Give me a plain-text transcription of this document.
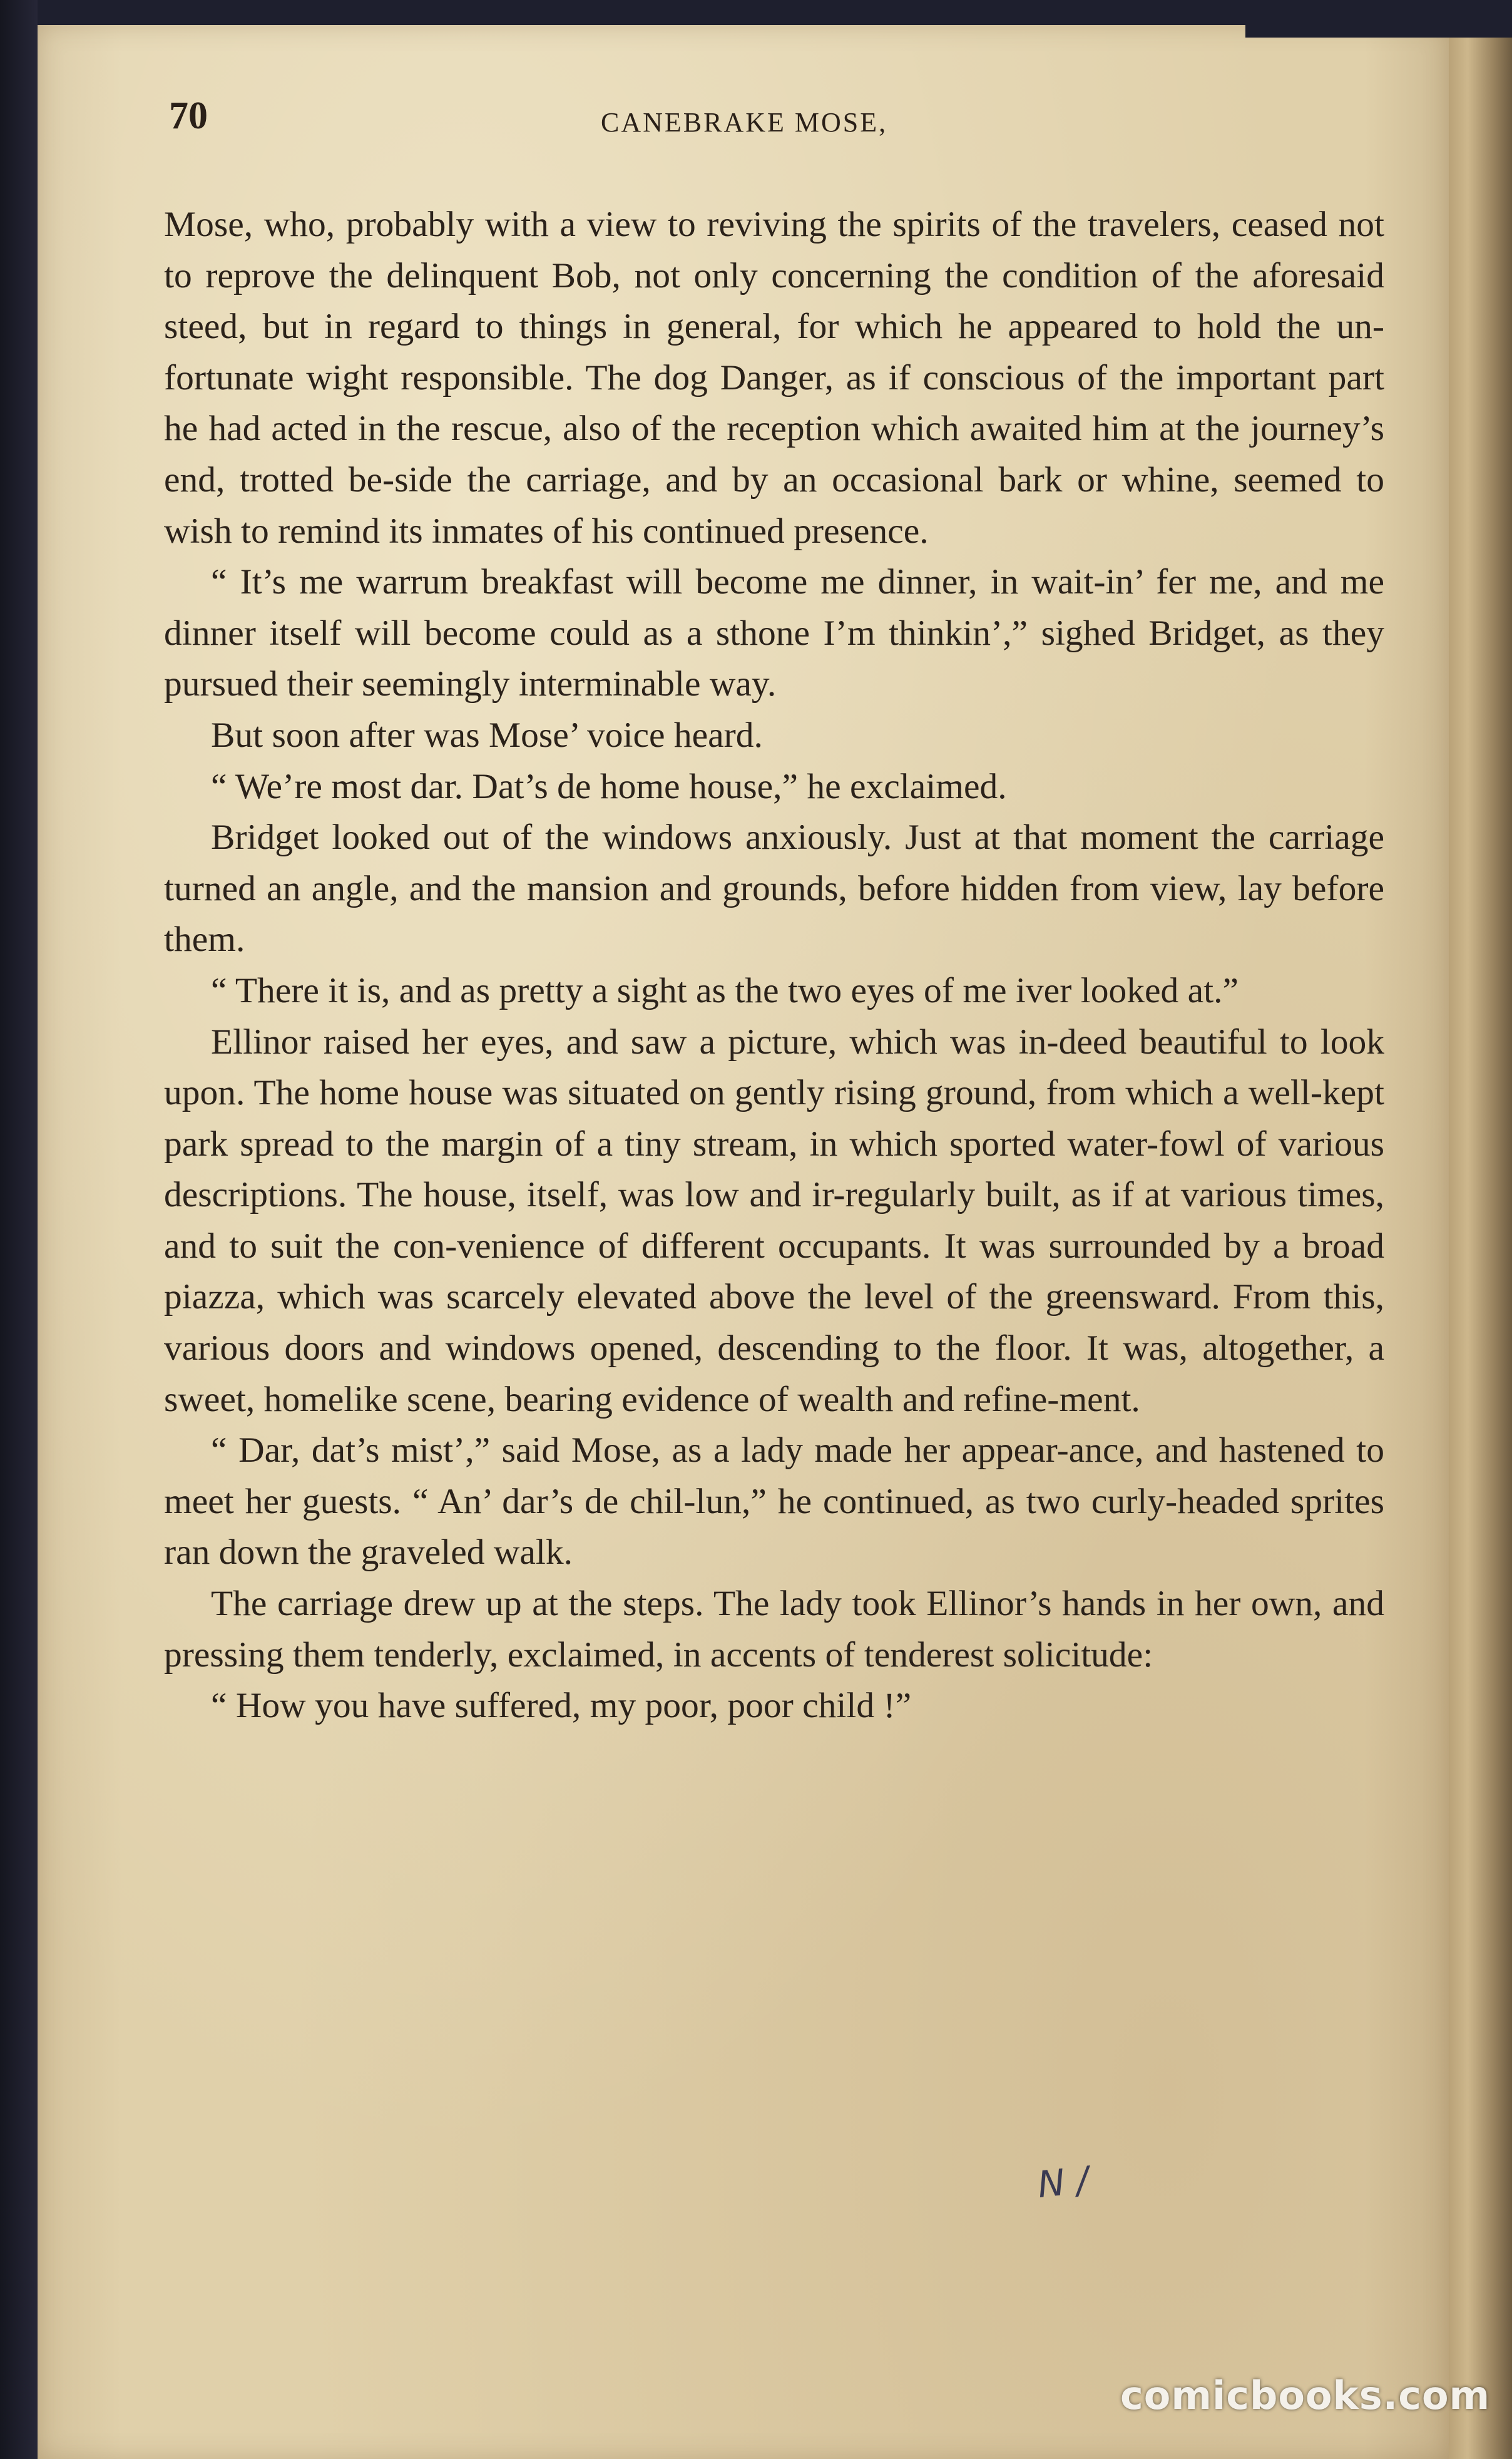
70	CANEBRAKE MOSE,

Mose, who, probably with a view to reviving the spirits of the travelers, ceased not to reprove the delinquent Bob, not only concerning the condition of the aforesaid steed, but in regard to things in general, for which he appeared to hold the un-fortunate wight responsible. The dog Danger, as if conscious of the important part he had acted in the rescue, also of the reception which awaited him at the journey’s end, trotted be-side the carriage, and by an occasional bark or whine, seemed to wish to remind its inmates of his continued presence.

“ It’s me warrum breakfast will become me dinner, in wait-in’ fer me, and me dinner itself will become could as a sthone I’m thinkin’,” sighed Bridget, as they pursued their seemingly interminable way.

But soon after was Mose’ voice heard.

“ We’re most dar. Dat’s de home house,” he exclaimed.

Bridget looked out of the windows anxiously. Just at that moment the carriage turned an angle, and the mansion and grounds, before hidden from view, lay before them.

“ There it is, and as pretty a sight as the two eyes of me iver looked at.”

Ellinor raised her eyes, and saw a picture, which was in-deed beautiful to look upon. The home house was situated on gently rising ground, from which a well-kept park spread to the margin of a tiny stream, in which sported water-fowl of various descriptions. The house, itself, was low and ir-regularly built, as if at various times, and to suit the con-venience of different occupants. It was surrounded by a broad piazza, which was scarcely elevated above the level of the greensward. From this, various doors and windows opened, descending to the floor. It was, altogether, a sweet, homelike scene, bearing evidence of wealth and refine-ment.

“ Dar, dat’s mist’,” said Mose, as a lady made her appear-ance, and hastened to meet her guests. “ An’ dar’s de chil-lun,” he continued, as two curly-headed sprites ran down the graveled walk.

The carriage drew up at the steps. The lady took Ellinor’s hands in her own, and pressing them tenderly, exclaimed, in accents of tenderest solicitude:

“ How you have suffered, my poor, poor child !”

N /
comicbooks.com
